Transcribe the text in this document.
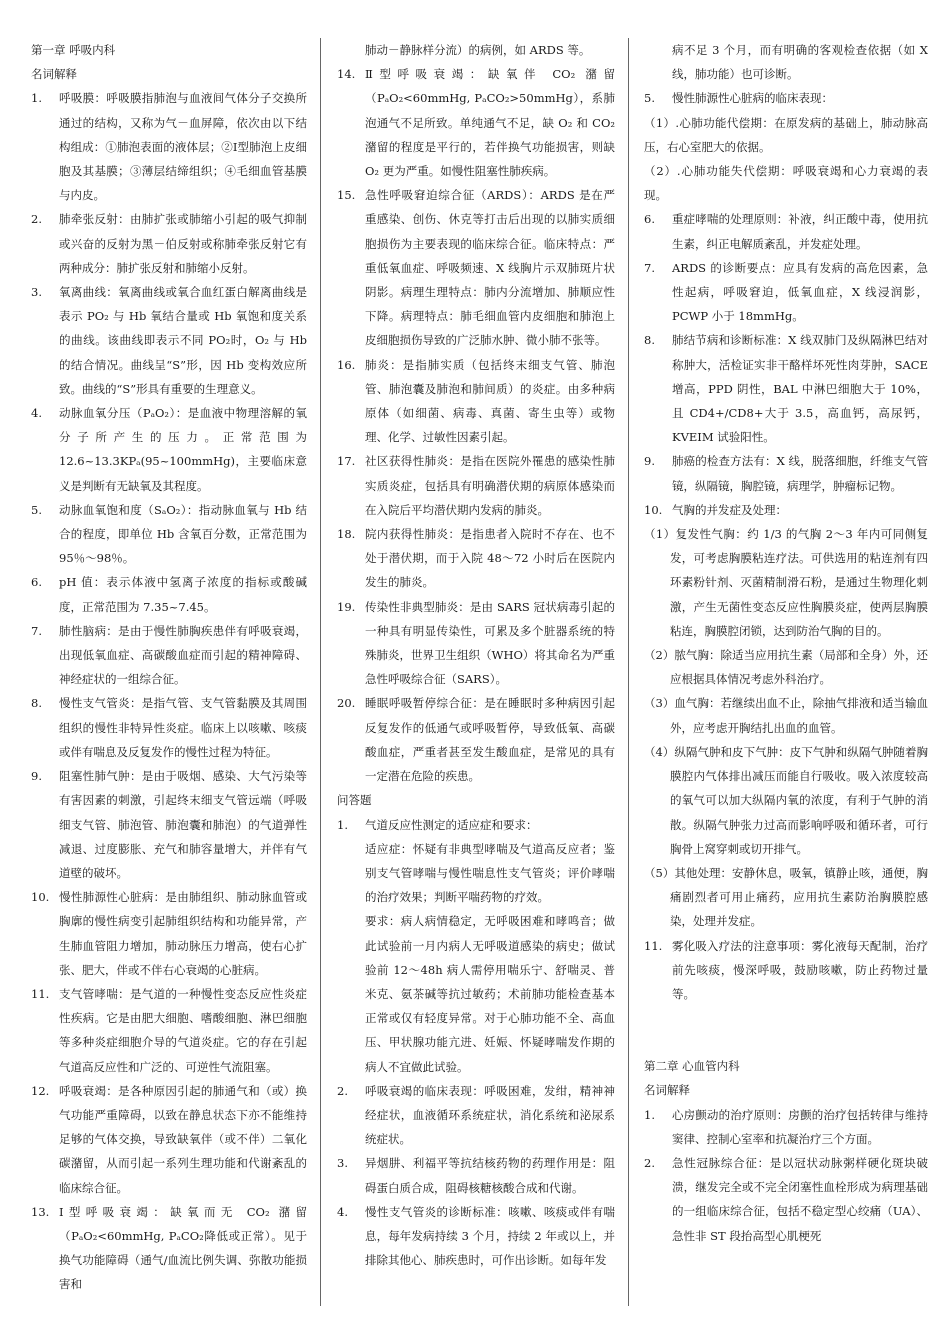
第一章 呼吸内科

名词解释

1.	呼吸膜：呼吸膜指肺泡与血液间气体分子交换所通过的结构，又称为气－血屏障，依次由以下结构组成：①肺泡表面的液体层；②Ⅰ型肺泡上皮细胞及其基膜；③薄层结缔组织；④毛细血管基膜与内皮。
2.	肺牵张反射：由肺扩张或肺缩小引起的吸气抑制或兴奋的反射为黑－伯反射或称肺牵张反射它有两种成分：肺扩张反射和肺缩小反射。
3.	氧离曲线：氧离曲线或氧合血红蛋白解离曲线是表示 PO₂ 与 Hb 氧结合量或 Hb 氧饱和度关系的曲线。该曲线即表示不同 PO₂时，O₂ 与 Hb 的结合情况。曲线呈“S”形，因 Hb 变构效应所致。曲线的“S”形具有重要的生理意义。
4.	动脉血氧分压（PₐO₂）：是血液中物理溶解的氧分子所产生的压力。正常范围为12.6~13.3KPₐ(95~100mmHg)，主要临床意义是判断有无缺氧及其程度。
5.	动脉血氧饱和度（SₐO₂）：指动脉血氧与 Hb 结合的程度，即单位 Hb 含氧百分数，正常范围为95％～98％。
6.	pH 值：表示体液中氢离子浓度的指标或酸碱度，正常范围为 7.35~7.45。
7.	肺性脑病：是由于慢性肺胸疾患伴有呼吸衰竭，出现低氧血症、高碳酸血症而引起的精神障碍、神经症状的一组综合征。
8.	慢性支气管炎：是指气管、支气管黏膜及其周围组织的慢性非特异性炎症。临床上以咳嗽、咳痰或伴有喘息及反复发作的慢性过程为特征。
9.	阻塞性肺气肿：是由于吸烟、感染、大气污染等有害因素的刺激，引起终末细支气管远端（呼吸细支气管、肺泡管、肺泡囊和肺泡）的气道弹性减退、过度膨胀、充气和肺容量增大，并伴有气道壁的破坏。
10. 慢性肺源性心脏病：是由肺组织、肺动脉血管或胸廓的慢性病变引起肺组织结构和功能异常，产生肺血管阻力增加，肺动脉压力增高，使右心扩张、肥大，伴或不伴右心衰竭的心脏病。
11. 支气管哮喘：是气道的一种慢性变态反应性炎症性疾病。它是由肥大细胞、嗜酸细胞、淋巴细胞等多种炎症细胞介导的气道炎症。它的存在引起气道高反应性和广泛的、可逆性气流阻塞。
12. 呼吸衰竭：是各种原因引起的肺通气和（或）换气功能严重障碍，以致在静息状态下亦不能维持足够的气体交换，导致缺氧伴（或不伴）二氧化碳潴留，从而引起一系列生理功能和代谢紊乱的临床综合征。
13. Ⅰ型呼吸衰竭：缺氧而无 CO₂ 潴留（PₐO₂<60mmHg, PₐCO₂降低或正常）。见于换气功能障碍（通气/血流比例失调、弥散功能损害和

肺动－静脉样分流）的病例，如 ARDS 等。

14. Ⅱ型呼吸衰竭：缺氧伴 CO₂ 潴留（PₐO₂<60mmHg, PₐCO₂>50mmHg），系肺泡通气不足所致。单纯通气不足，缺 O₂ 和 CO₂ 潴留的程度是平行的，若伴换气功能损害，则缺 O₂ 更为严重。如慢性阻塞性肺疾病。
15. 急性呼吸窘迫综合征（ARDS）：ARDS 是在严重感染、创伤、休克等打击后出现的以肺实质细胞损伤为主要表现的临床综合征。临床特点：严重低氧血症、呼吸频速、X 线胸片示双肺斑片状阴影。病理生理特点：肺内分流增加、肺顺应性下降。病理特点：肺毛细血管内皮细胞和肺泡上皮细胞损伤导致的广泛肺水肿、微小肺不张等。
16. 肺炎：是指肺实质（包括终末细支气管、肺泡管、肺泡囊及肺泡和肺间质）的炎症。由多种病原体（如细菌、病毒、真菌、寄生虫等）或物理、化学、过敏性因素引起。
17. 社区获得性肺炎：是指在医院外罹患的感染性肺实质炎症，包括具有明确潜伏期的病原体感染而在入院后平均潜伏期内发病的肺炎。
18. 院内获得性肺炎：是指患者入院时不存在、也不处于潜伏期，而于入院 48～72 小时后在医院内发生的肺炎。
19. 传染性非典型肺炎：是由 SARS 冠状病毒引起的一种具有明显传染性，可累及多个脏器系统的特殊肺炎，世界卫生组织（WHO）将其命名为严重急性呼吸综合征（SARS）。
20. 睡眠呼吸暂停综合征：是在睡眠时多种病因引起反复发作的低通气或呼吸暂停，导致低氧、高碳酸血症，严重者甚至发生酸血症，是常见的具有一定潜在危险的疾患。

问答题

1.	气道反应性测定的适应症和要求：

适应症：怀疑有非典型哮喘及气道高反应者；鉴别支气管哮喘与慢性喘息性支气管炎；评价哮喘的治疗效果；判断平喘药物的疗效。

要求：病人病情稳定，无呼吸困难和哮鸣音；做此试验前一月内病人无呼吸道感染的病史；做试验前 12～48h 病人需停用喘乐宁、舒喘灵、普米克、氨茶碱等抗过敏药；术前肺功能检查基本正常或仅有轻度异常。对于心肺功能不全、高血压、甲状腺功能亢进、妊娠、怀疑哮喘发作期的病人不宜做此试验。

2.	呼吸衰竭的临床表现：呼吸困难，发绀，精神神经症状，血液循环系统症状，消化系统和泌尿系统症状。
3.	异烟肼、利福平等抗结核药物的药理作用是：阻碍蛋白质合成，阻碍核糖核酸合成和代谢。
4.	慢性支气管炎的诊断标准：咳嗽、咳痰或伴有喘息，每年发病持续 3 个月，持续 2 年或以上，并排除其他心、肺疾患时，可作出诊断。如每年发

病不足 3 个月，而有明确的客观检查依据（如 X 线，肺功能）也可诊断。

5.	慢性肺源性心脏病的临床表现：

（1）.心肺功能代偿期：在原发病的基础上，肺动脉高压，右心室肥大的依据。

（2）.心肺功能失代偿期：呼吸衰竭和心力衰竭的表现。

6.	重症哮喘的处理原则：补液，纠正酸中毒，使用抗生素，纠正电解质紊乱，并发症处理。
7.	ARDS 的诊断要点：应具有发病的高危因素，急性起病，呼吸窘迫，低氧血症，X 线浸润影，PCWP 小于 18mmHg。
8.	肺结节病和诊断标准：X 线双肺门及纵隔淋巴结对称肿大，活检证实非干酪样坏死性肉芽肿，SACE 增高，PPD 阴性，BAL 中淋巴细胞大于 10%，且 CD4+/CD8+大于 3.5，高血钙，高尿钙，KVEIM 试验阳性。
9.	肺癌的检查方法有：X 线，脱落细胞，纤维支气管镜，纵隔镜，胸腔镜，病理学，肿瘤标记物。
10. 气胸的并发症及处理：

（1）复发性气胸：约 1/3 的气胸 2～3 年内可同侧复发，可考虑胸膜粘连疗法。可供选用的粘连剂有四环素粉针剂、灭菌精制滑石粉，是通过生物理化刺激，产生无菌性变态反应性胸膜炎症，使两层胸膜粘连，胸膜腔闭锁，达到防治气胸的目的。

（2）脓气胸：除适当应用抗生素（局部和全身）外，还应根据具体情况考虑外科治疗。

（3）血气胸：若继续出血不止，除抽气排液和适当输血外，应考虑开胸结扎出血的血管。

（4）纵隔气肿和皮下气肿：皮下气肿和纵隔气肿随着胸膜腔内气体排出减压而能自行吸收。吸入浓度较高的氧气可以加大纵隔内氧的浓度，有利于气肿的消散。纵隔气肿张力过高而影响呼吸和循环者，可行胸骨上窝穿刺或切开排气。

（5）其他处理：安静休息，吸氧，镇静止咳，通便，胸痛剧烈者可用止痛药，应用抗生素防治胸膜腔感染，处理并发症。

11. 雾化吸入疗法的注意事项：雾化液每天配制，治疗前先咳痰，慢深呼吸，鼓励咳嗽，防止药物过量等。

第二章 心血管内科

名词解释

1.	心房颤动的治疗原则：房颤的治疗包括转律与维持窦律、控制心室率和抗凝治疗三个方面。
2.	急性冠脉综合征：是以冠状动脉粥样硬化斑块破溃，继发完全或不完全闭塞性血栓形成为病理基础的一组临床综合征，包括不稳定型心绞痛（UA）、急性非 ST 段抬高型心肌梗死
